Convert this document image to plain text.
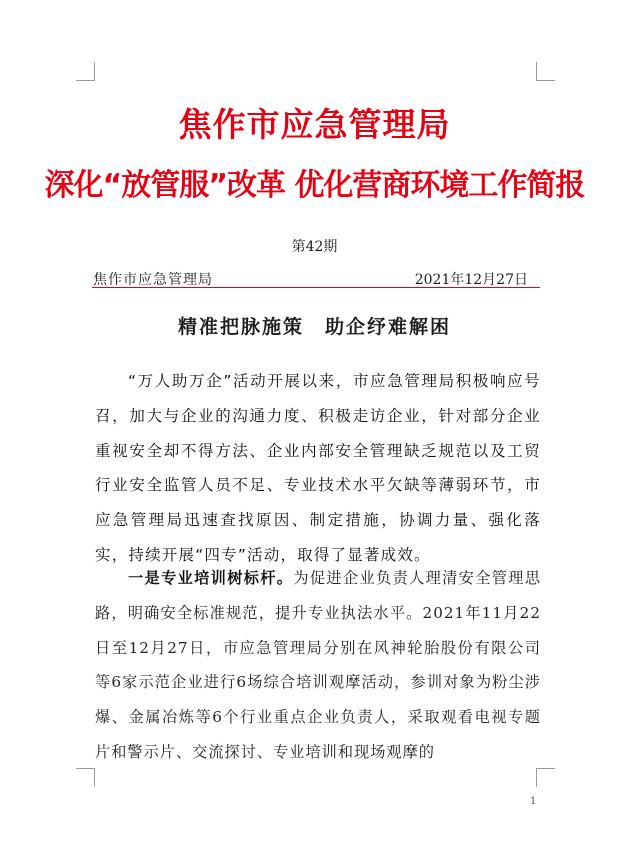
焦作市应急管理局
深化“放管服”改革 优化营商环境工作简报
第42期
焦作市应急管理局	2021年12月27日
精准把脉施策　助企纾难解困

“万人助万企”活动开展以来，市应急管理局积极响应号召，加大与企业的沟通力度、积极走访企业，针对部分企业重视安全却不得方法、企业内部安全管理缺乏规范以及工贸行业安全监管人员不足、专业技术水平欠缺等薄弱环节，市应急管理局迅速查找原因、制定措施，协调力量、强化落实，持续开展“四专”活动，取得了显著成效。

一是专业培训树标杆。为促进企业负责人理清安全管理思路，明确安全标准规范，提升专业执法水平。2021年11月22日至12月27日，市应急管理局分别在风神轮胎股份有限公司等6家示范企业进行6场综合培训观摩活动，参训对象为粉尘涉爆、金属冶炼等6个行业重点企业负责人，采取观看电视专题片和警示片、交流探讨、专业培训和现场观摩的

1
